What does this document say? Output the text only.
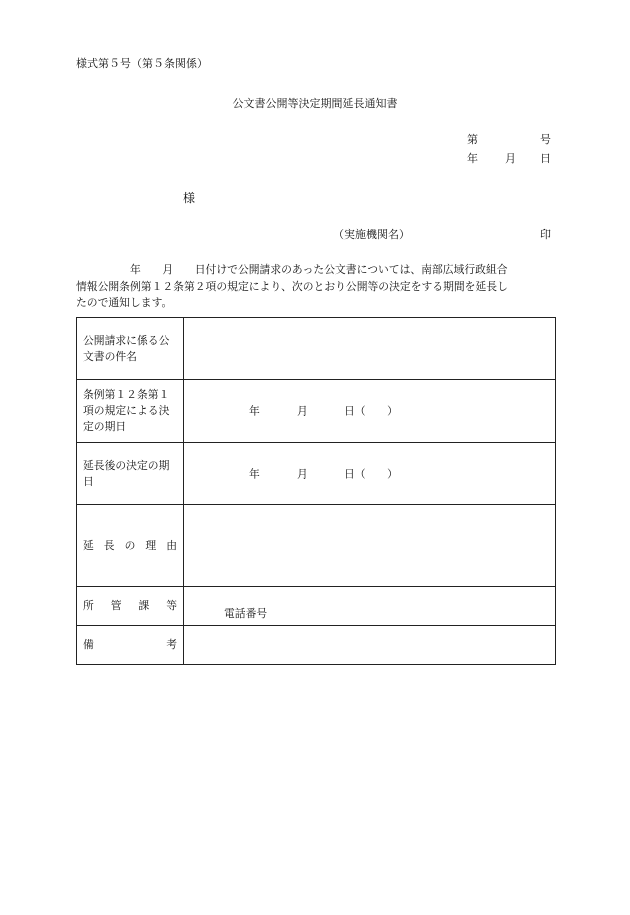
様式第５号（第５条関係）
公文書公開等決定期間延長通知書
第	号
年 月 日
様
（実施機関名）	印
　　　　　年　　月　　日付けで公開請求のあった公文書については、南部広域行政組合
情報公開条例第１２条第２項の規定により、次のとおり公開等の決定をする期間を延長し
たので通知します。
公開請求に係る公文書の件名	
条例第１２条第１項の規定による決定の期日	年 月 日（　　）

延長後の決定の期日	年 月 日（　　）

延 長 の 理 由	

所 管 課 等	電話番号

備 考	
